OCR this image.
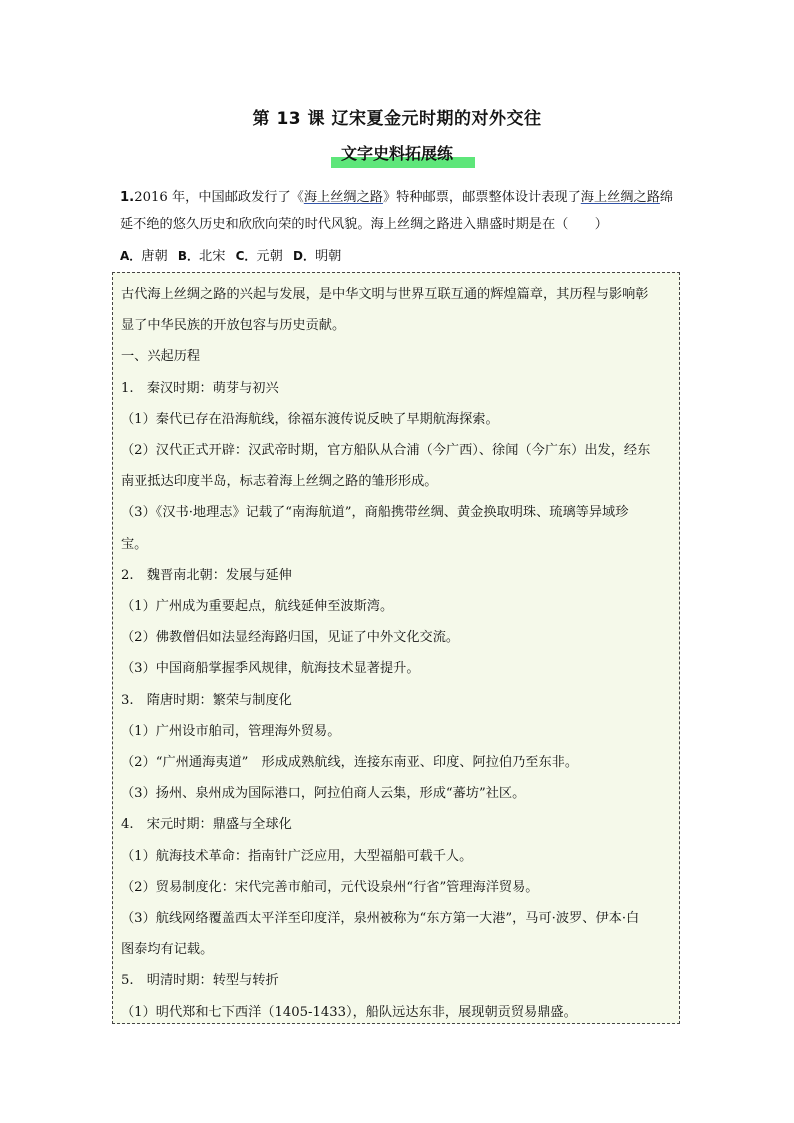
第 13 课 辽宋夏金元时期的对外交往
文字史料拓展练
1.2016 年，中国邮政发行了《海上丝绸之路》特种邮票，邮票整体设计表现了海上丝绸之路绵延不绝的悠久历史和欣欣向荣的时代风貌。海上丝绸之路进入鼎盛时期是在（　　）
A．唐朝 B．北宋 C．元朝 D．明朝

古代海上丝绸之路的兴起与发展，是中华文明与世界互联互通的辉煌篇章，其历程与影响彰

显了中华民族的开放包容与历史贡献。

一、兴起历程

1.　秦汉时期：萌芽与初兴

（1）秦代已存在沿海航线，徐福东渡传说反映了早期航海探索。

（2）汉代正式开辟：汉武帝时期，官方船队从合浦（今广西）、徐闻（今广东）出发，经东

南亚抵达印度半岛，标志着海上丝绸之路的雏形形成。

（3）《汉书·地理志》记载了“南海航道”，商船携带丝绸、黄金换取明珠、琉璃等异域珍

宝。

2.　魏晋南北朝：发展与延伸

（1）广州成为重要起点，航线延伸至波斯湾。

（2）佛教僧侣如法显经海路归国，见证了中外文化交流。

（3）中国商船掌握季风规律，航海技术显著提升。

3.　隋唐时期：繁荣与制度化

（1）广州设市舶司，管理海外贸易。

（2）“广州通海夷道”　形成成熟航线，连接东南亚、印度、阿拉伯乃至东非。

（3）扬州、泉州成为国际港口，阿拉伯商人云集，形成“蕃坊”社区。

4.　宋元时期：鼎盛与全球化

（1）航海技术革命：指南针广泛应用，大型福船可载千人。

（2）贸易制度化：宋代完善市舶司，元代设泉州“行省”管理海洋贸易。

（3）航线网络覆盖西太平洋至印度洋，泉州被称为“东方第一大港”，马可·波罗、伊本·白

图泰均有记载。

5.　明清时期：转型与转折

（1）明代郑和七下西洋（1405-1433），船队远达东非，展现朝贡贸易鼎盛。
